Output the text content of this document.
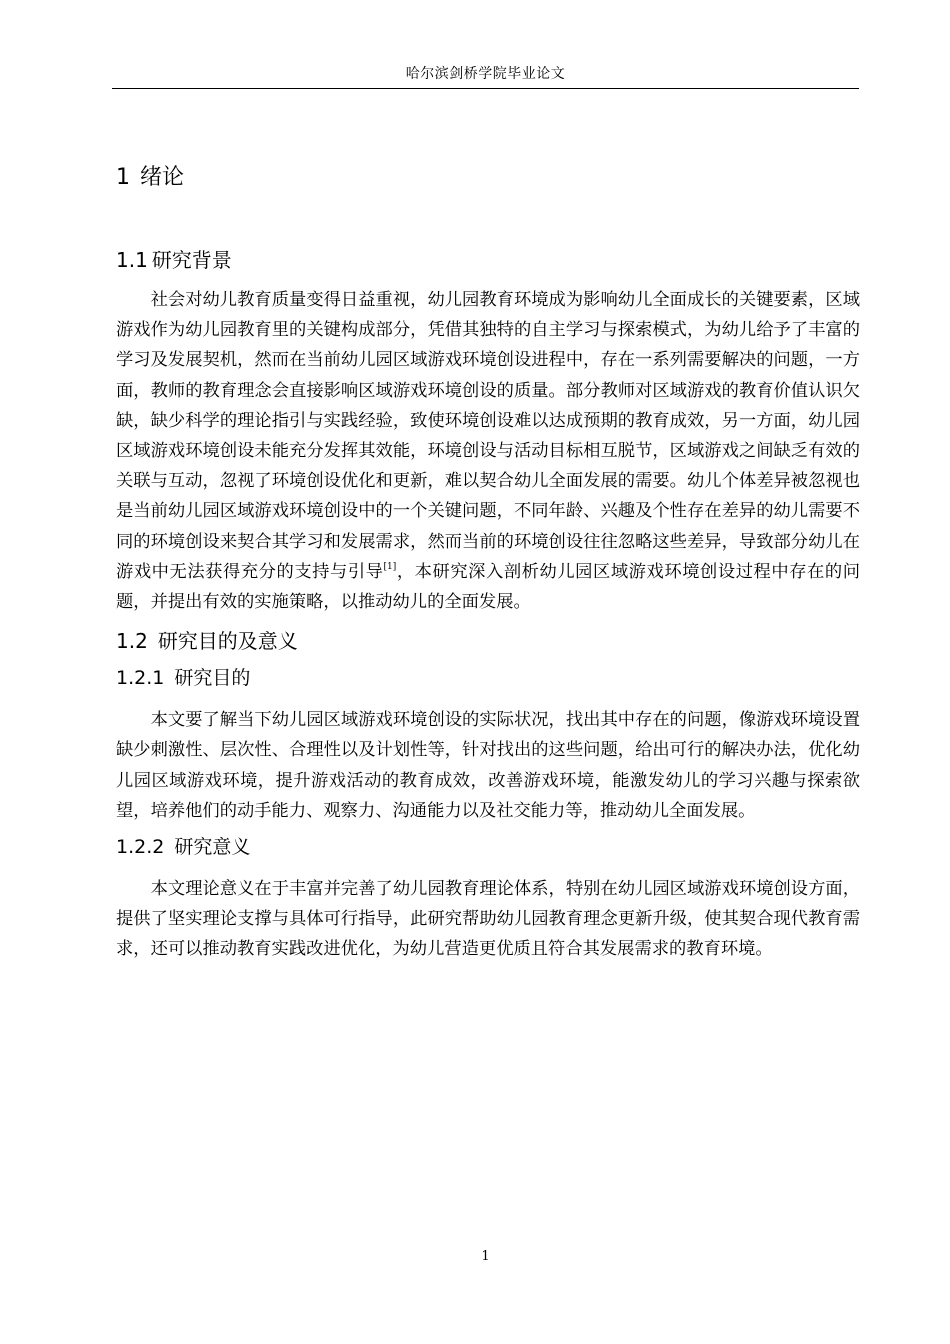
哈尔滨剑桥学院毕业论文
1 绪论
1.1 研究背景

社会对幼儿教育质量变得日益重视，幼儿园教育环境成为影响幼儿全面成长的关键要素，区域游戏作为幼儿园教育里的关键构成部分，凭借其独特的自主学习与探索模式，为幼儿给予了丰富的学习及发展契机，然而在当前幼儿园区域游戏环境创设进程中，存在一系列需要解决的问题，一方面，教师的教育理念会直接影响区域游戏环境创设的质量。部分教师对区域游戏的教育价值认识欠缺，缺少科学的理论指引与实践经验，致使环境创设难以达成预期的教育成效，另一方面，幼儿园区域游戏环境创设未能充分发挥其效能，环境创设与活动目标相互脱节，区域游戏之间缺乏有效的关联与互动，忽视了环境创设优化和更新，难以契合幼儿全面发展的需要。幼儿个体差异被忽视也是当前幼儿园区域游戏环境创设中的一个关键问题，不同年龄、兴趣及个性存在差异的幼儿需要不同的环境创设来契合其学习和发展需求，然而当前的环境创设往往忽略这些差异，导致部分幼儿在游戏中无法获得充分的支持与引导[1]，本研究深入剖析幼儿园区域游戏环境创设过程中存在的问 题，并提出有效的实施策略，以推动幼儿的全面发展。

1.2 研究目的及意义
1.2.1 研究目的

本文要了解当下幼儿园区域游戏环境创设的实际状况，找出其中存在的问题，像游戏环境设置缺少刺激性、层次性、合理性以及计划性等，针对找出的这些问题，给出可行的解决办法，优化幼儿园区域游戏环境，提升游戏活动的教育成效，改善游戏环境，能激发幼儿的学习兴趣与探索欲望，培养他们的动手能力、观察力、沟通能力以及社交能力等，推动幼儿全面发展。

1.2.2 研究意义

本文理论意义在于丰富并完善了幼儿园教育理论体系，特别在幼儿园区域游戏环境创设方面，提供了坚实理论支撑与具体可行指导，此研究帮助幼儿园教育理念更新升级，使其契合现代教育需求，还可以推动教育实践改进优化，为幼儿营造更优质且符合其发展需求的教育环境。

1
